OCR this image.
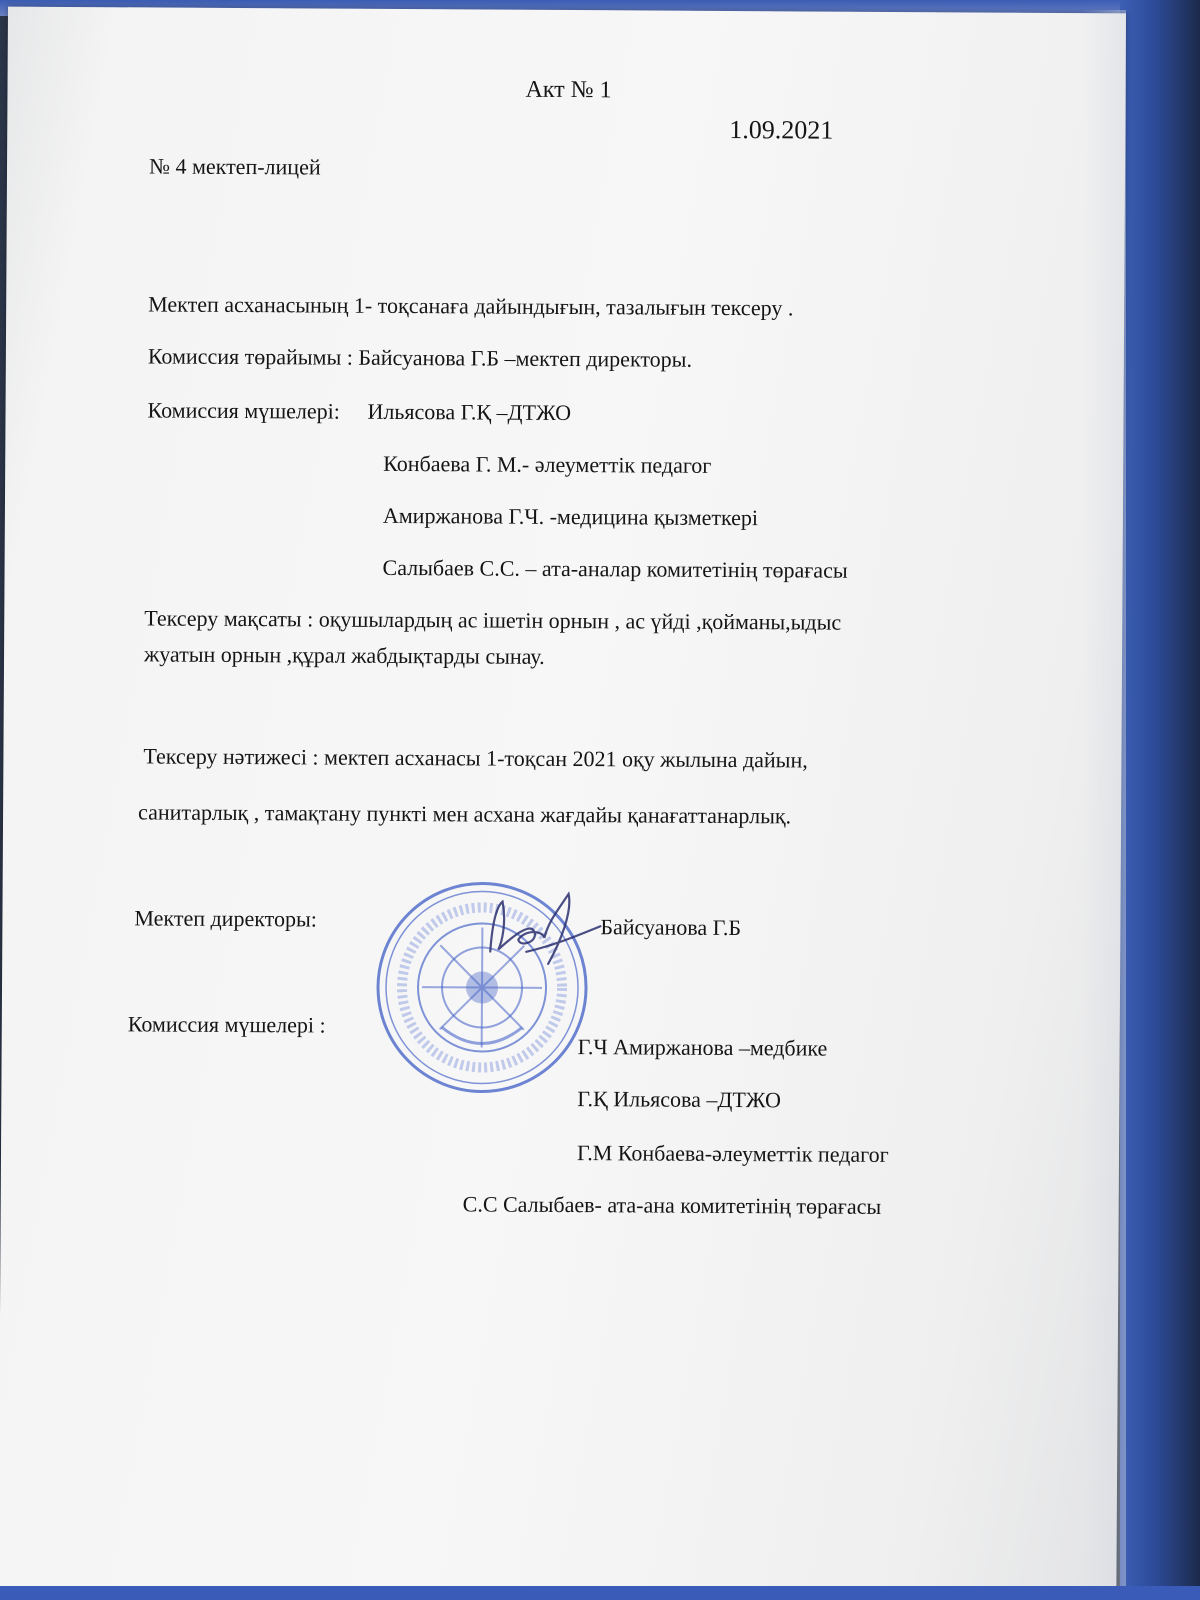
Акт № 1
1.09.2021
№ 4 мектеп-лицей
Мектеп асханасының 1- тоқсанаға дайындығын, тазалығын тексеру .
Комиссия төрайымы : Байсуанова Г.Б –мектеп директоры.
Комиссия мүшелері: Ильясова Г.Қ –ДТЖО
Конбаева Г. М.- әлеуметтік педагог
Амиржанова Г.Ч. -медицина қызметкері
Салыбаев С.С. – ата-аналар комитетінің төрағасы
Тексеру мақсаты : оқушылардың ас ішетін орнын , ас үйді ,қойманы,ыдыс
жуатын орнын ,құрал жабдықтарды сынау.
Тексеру нәтижесі : мектеп асханасы 1-тоқсан 2021 оқу жылына дайын,
санитарлық , тамақтану пункті мен асхана жағдайы қанағаттанарлық.
Мектеп директоры:	Байсуанова Г.Б
Комиссия мүшелері :
Г.Ч Амиржанова –медбике
Г.Қ Ильясова –ДТЖО
Г.М Конбаева-әлеуметтік педагог
С.С Салыбаев- ата-ана комитетінің төрағасы
